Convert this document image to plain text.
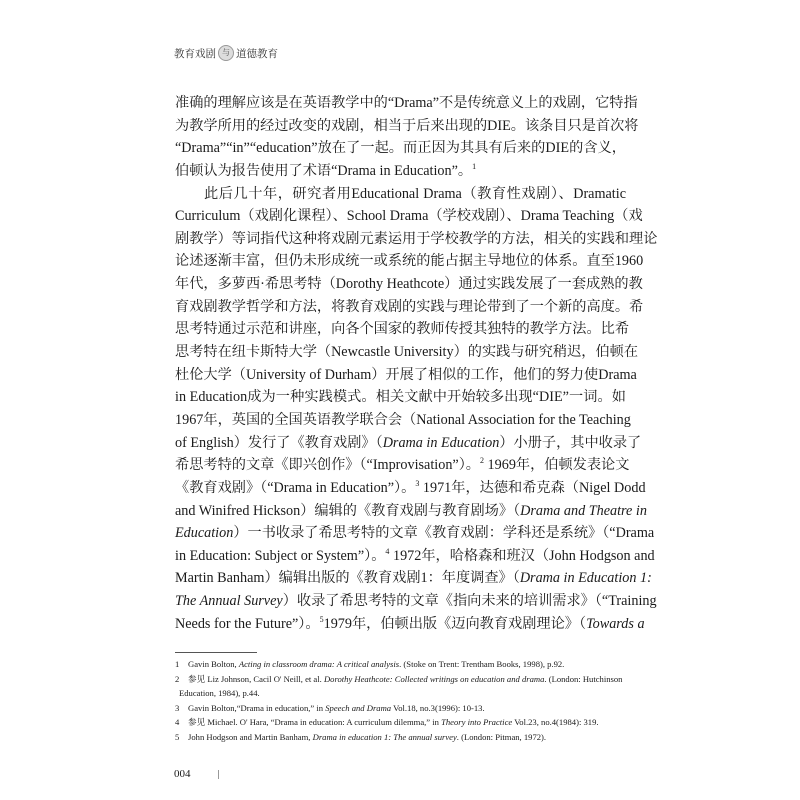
教育戏剧 与 道德教育
准确的理解应该是在英语教学中的“Drama”不是传统意义上的戏剧，它特指
为教学所用的经过改变的戏剧，相当于后来出现的DIE。该条目只是首次将
“Drama”“in”“education”放在了一起。而正因为其具有后来的DIE的含义，
伯顿认为报告使用了术语“Drama in Education”。$^1$
此后几十年，研究者用Educational Drama（教育性戏剧）、Dramatic
Curriculum（戏剧化课程）、School Drama（学校戏剧）、Drama Teaching（戏
剧教学）等词指代这种将戏剧元素运用于学校教学的方法，相关的实践和理论
论述逐渐丰富，但仍未形成统一或系统的能占据主导地位的体系。直至1960
年代，多萝西·希思考特（Dorothy Heathcote）通过实践发展了一套成熟的教
育戏剧教学哲学和方法，将教育戏剧的实践与理论带到了一个新的高度。希
思考特通过示范和讲座，向各个国家的教师传授其独特的教学方法。比希
思考特在纽卡斯特大学（Newcastle University）的实践与研究稍迟，伯顿在
杜伦大学（University of Durham）开展了相似的工作，他们的努力使Drama
in Education成为一种实践模式。相关文献中开始较多出现“DIE”一词。如
1967年，英国的全国英语教学联合会（National Association for the Teaching
of English）发行了《教育戏剧》（Drama in Education）小册子，其中收录了
希思考特的文章《即兴创作》（“Improvisation”）。$^2$ 1969年，伯顿发表论文
《教育戏剧》（“Drama in Education”）。$^3$ 1971年，达德和希克森（Nigel Dodd
and Winifred Hickson）编辑的《教育戏剧与教育剧场》（Drama and Theatre in
Education）一书收录了希思考特的文章《教育戏剧：学科还是系统》（“Drama
in Education: Subject or System”）。$^4$ 1972年，哈格森和班汉（John Hodgson and
Martin Banham）编辑出版的《教育戏剧1：年度调查》（Drama in Education 1:
The Annual Survey）收录了希思考特的文章《指向未来的培训需求》（“Training
Needs for the Future”）。$^5$1979年，伯顿出版《迈向教育戏剧理论》（Towards a
1 Gavin Bolton, Acting in classroom drama: A critical analysis. (Stoke on Trent: Trentham Books, 1998), p.92.
2 参见 Liz Johnson, Cacil O' Neill, et al. Dorothy Heathcote: Collected writings on education and drama. (London: Hutchinson
Education, 1984), p.44.
3 Gavin Bolton,“Drama in education,” in Speech and Drama Vol.18, no.3(1996): 10-13.
4 参见 Michael. O' Hara, “Drama in education: A curriculum dilemma,” in Theory into Practice Vol.23, no.4(1984): 319.
5 John Hodgson and Martin Banham, Drama in education 1: The annual survey. (London: Pitman, 1972).
004
